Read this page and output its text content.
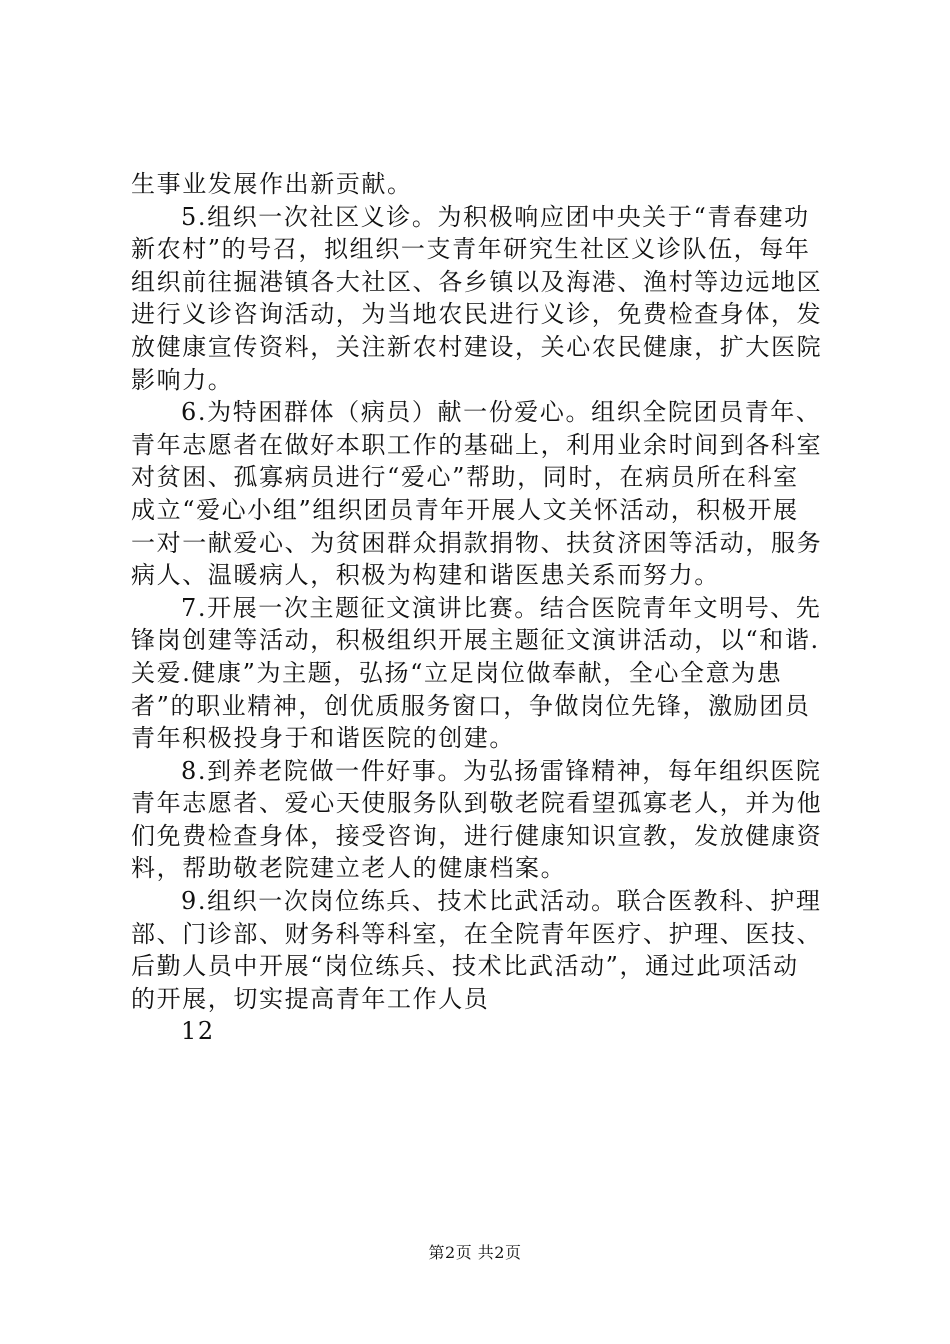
生事业发展作出新贡献。
5.组织一次社区义诊。为积极响应团中央关于“青春建功
新农村”的号召，拟组织一支青年研究生社区义诊队伍，每年
组织前往掘港镇各大社区、各乡镇以及海港、渔村等边远地区
进行义诊咨询活动，为当地农民进行义诊，免费检查身体，发
放健康宣传资料，关注新农村建设，关心农民健康，扩大医院
影响力。
6.为特困群体（病员）献一份爱心。组织全院团员青年、
青年志愿者在做好本职工作的基础上，利用业余时间到各科室
对贫困、孤寡病员进行“爱心”帮助，同时，在病员所在科室
成立“爱心小组”组织团员青年开展人文关怀活动，积极开展
一对一献爱心、为贫困群众捐款捐物、扶贫济困等活动，服务
病人、温暖病人，积极为构建和谐医患关系而努力。
7.开展一次主题征文演讲比赛。结合医院青年文明号、先
锋岗创建等活动，积极组织开展主题征文演讲活动，以“和谐.
关爱.健康”为主题，弘扬“立足岗位做奉献，全心全意为患
者”的职业精神，创优质服务窗口，争做岗位先锋，激励团员
青年积极投身于和谐医院的创建。
8.到养老院做一件好事。为弘扬雷锋精神，每年组织医院
青年志愿者、爱心天使服务队到敬老院看望孤寡老人，并为他
们免费检查身体，接受咨询，进行健康知识宣教，发放健康资
料，帮助敬老院建立老人的健康档案。
9.组织一次岗位练兵、技术比武活动。联合医教科、护理
部、门诊部、财务科等科室，在全院青年医疗、护理、医技、
后勤人员中开展“岗位练兵、技术比武活动”，通过此项活动
的开展，切实提高青年工作人员
12
第2页 共2页
